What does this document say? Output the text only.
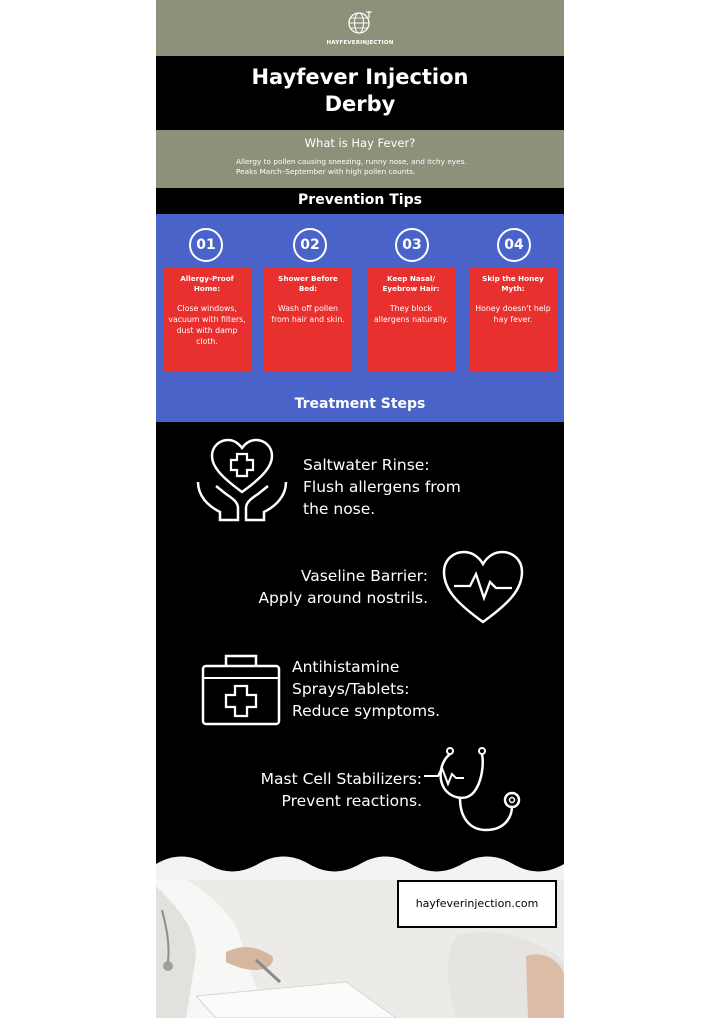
HAYFEVERINJECTION
Hayfever Injection
Derby
What is Hay Fever?
Allergy to pollen causing sneezing, runny nose, and itchy eyes.
Peaks March–September with high pollen counts.
Prevention Tips
01	02	03	04
Allergy-Proof Home:
Close windows, vacuum with filters, dust with damp cloth.
Shower Before Bed:
Wash off pollen from hair and skin.
Keep Nasal/ Eyebrow Hair:
They block allergens naturally.
Skip the Honey Myth:
Honey doesn't help hay fever.
Treatment Steps
Saltwater Rinse:
Flush allergens from
the nose.
Vaseline Barrier:
Apply around nostrils.
Antihistamine
Sprays/Tablets:
Reduce symptoms.
Mast Cell Stabilizers:
Prevent reactions.
hayfeverinjection.com
